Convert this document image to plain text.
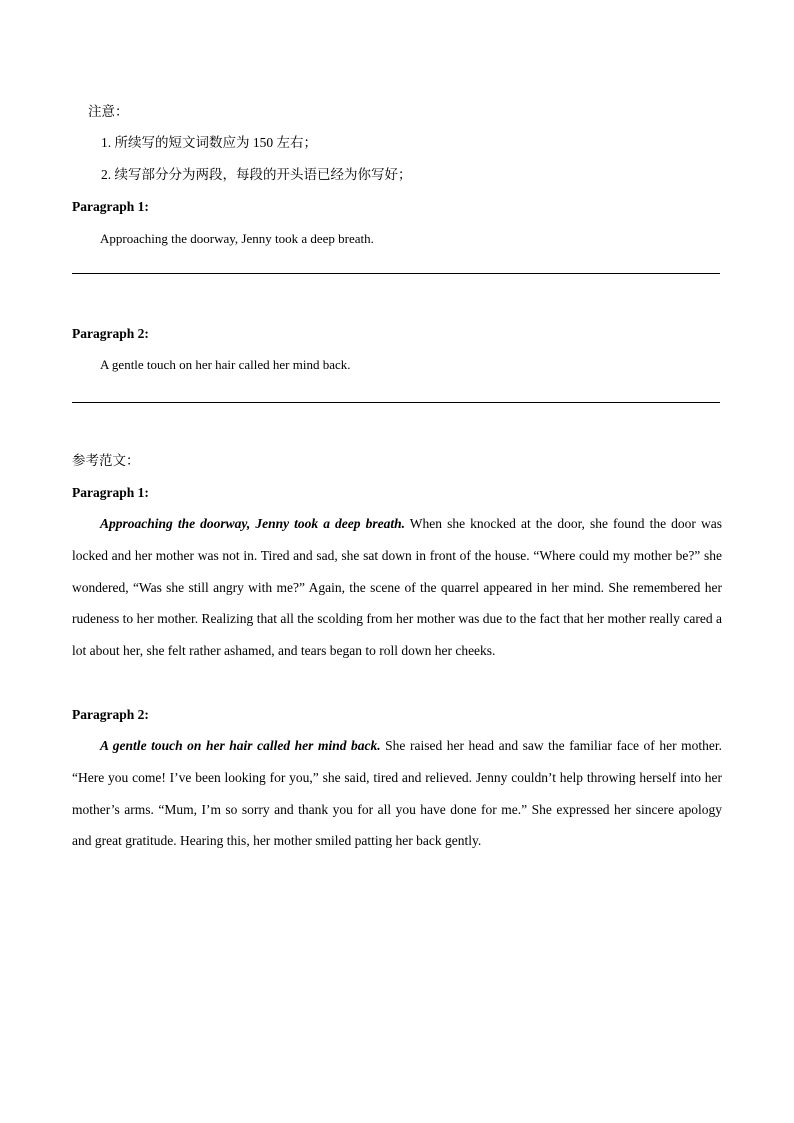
注意：
1. 所续写的短文词数应为 150 左右；
2. 续写部分分为两段，每段的开头语已经为你写好；
Paragraph 1:
Approaching the doorway, Jenny took a deep breath.
Paragraph 2:
A gentle touch on her hair called her mind back.
参考范文：
Paragraph 1:

Approaching the doorway, Jenny took a deep breath. When she knocked at the door, she found the door was locked and her mother was not in. Tired and sad, she sat down in front of the house. “Where could my mother be?” she wondered, “Was she still angry with me?” Again, the scene of the quarrel appeared in her mind. She remembered her rudeness to her mother. Realizing that all the scolding from her mother was due to the fact that her mother really cared a lot about her, she felt rather ashamed, and tears began to roll down her cheeks.

Paragraph 2:

A gentle touch on her hair called her mind back. She raised her head and saw the familiar face of her mother. “Here you come! I’ve been looking for you,” she said, tired and relieved. Jenny couldn’t help throwing herself into her mother’s arms. “Mum, I’m so sorry and thank you for all you have done for me.” She expressed her sincere apology and great gratitude. Hearing this, her mother smiled patting her back gently.
